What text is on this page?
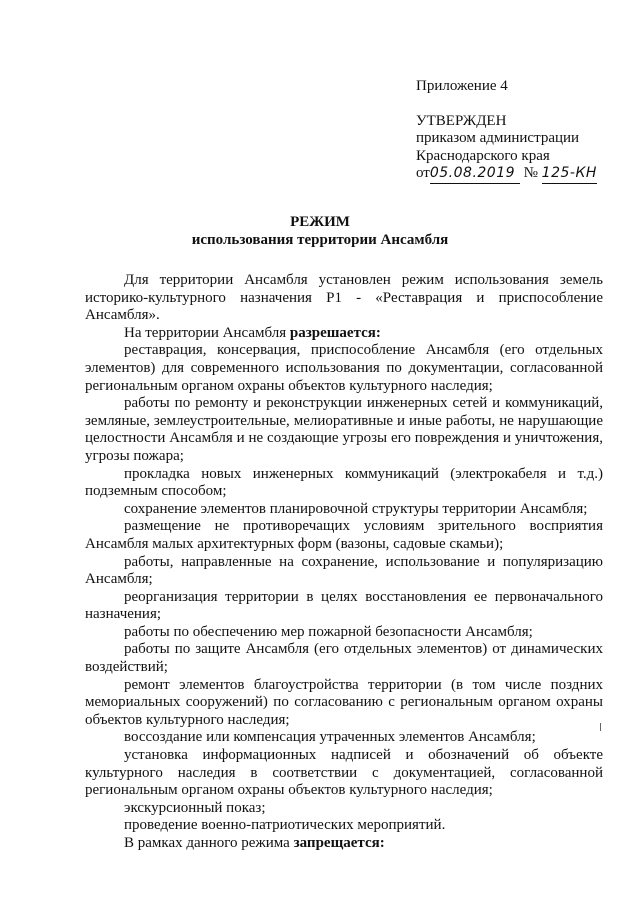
Приложение 4
УТВЕРЖДЕН
приказом администрации
Краснодарского края
от05.08.2019 № 125-КН
РЕЖИМ
использования территории Ансамбля

Для территории Ансамбля установлен режим использования земель историко-культурного назначения Р1 - «Реставрация и приспособление Ансамбля».

На территории Ансамбля разрешается:

реставрация, консервация, приспособление Ансамбля (его отдельных элементов) для современного использования по документации, согласованной региональным органом охраны объектов культурного наследия;

работы по ремонту и реконструкции инженерных сетей и коммуникаций, земляные, землеустроительные, мелиоративные и иные работы, не нарушающие целостности Ансамбля и не создающие угрозы его повреждения и уничтожения, угрозы пожара;

прокладка новых инженерных коммуникаций (электрокабеля и т.д.) подземным способом;

сохранение элементов планировочной структуры территории Ансамбля;

размещение не противоречащих условиям зрительного восприятия Ансамбля малых архитектурных форм (вазоны, садовые скамьи);

работы, направленные на сохранение, использование и популяризацию Ансамбля;

реорганизация территории в целях восстановления ее первоначального назначения;

работы по обеспечению мер пожарной безопасности Ансамбля;

работы по защите Ансамбля (его отдельных элементов) от динамических воздействий;

ремонт элементов благоустройства территории (в том числе поздних мемориальных сооружений) по согласованию с региональным органом охраны объектов культурного наследия;

воссоздание или компенсация утраченных элементов Ансамбля;

установка информационных надписей и обозначений об объекте культурного наследия в соответствии с документацией, согласованной региональным органом охраны объектов культурного наследия;

экскурсионный показ;

проведение военно-патриотических мероприятий.

В рамках данного режима запрещается:
